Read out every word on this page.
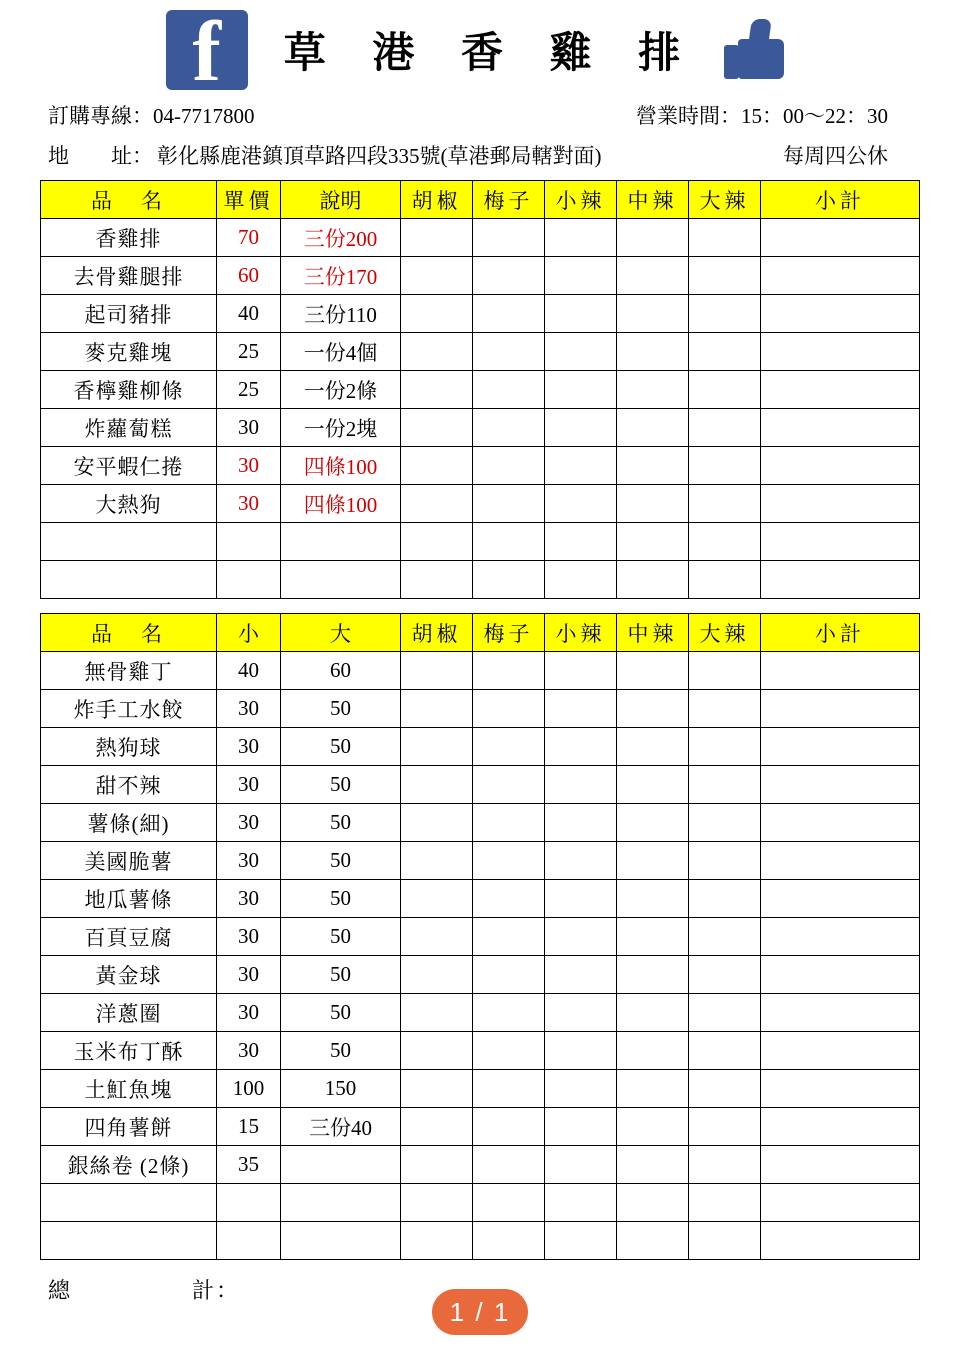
f	草 港 香 雞 排
訂購專線：04-7717800	營業時間：15：00～22：30
地　　址： 彰化縣鹿港鎮頂草路四段335號(草港郵局轄對面)	每周四公休
品　名	單價	說明	胡椒	梅子	小辣	中辣	大辣	小計
香雞排	70	三份200						
去骨雞腿排	60	三份170						
起司豬排	40	三份110						
麥克雞塊	25	一份4個						
香檸雞柳條	25	一份2條						
炸蘿蔔糕	30	一份2塊						
安平蝦仁捲	30	四條100						
大熱狗	30	四條100						

品　名	小	大	胡椒	梅子	小辣	中辣	大辣	小計
無骨雞丁	40	60						
炸手工水餃	30	50						
熱狗球	30	50						
甜不辣	30	50						
薯條(細)	30	50						
美國脆薯	30	50						
地瓜薯條	30	50						
百頁豆腐	30	50						
黃金球	30	50						
洋蔥圈	30	50						
玉米布丁酥	30	50						
土魟魚塊	100	150						
四角薯餅	15	三份40						
銀絲卷 (2條)	35							

總　　　　　計：
1 / 1
